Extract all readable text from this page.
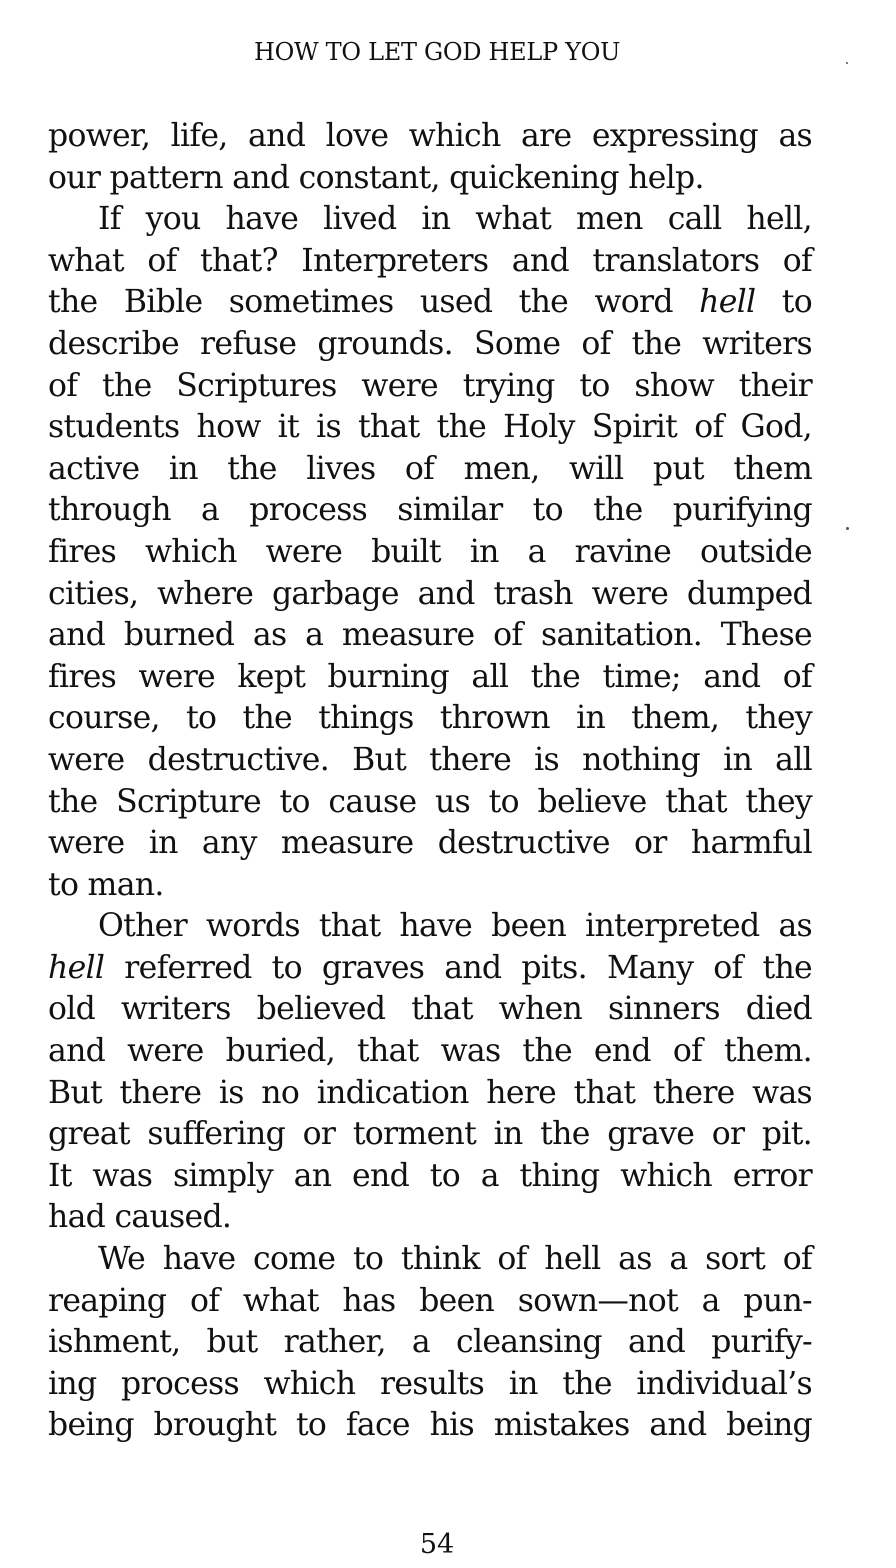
HOW TO LET GOD HELP YOU
power, life, and love which are expressing as
our pattern and constant, quickening help.
If you have lived in what men call hell,
what of that? Interpreters and translators of
the Bible sometimes used the word hell to
describe refuse grounds. Some of the writers
of the Scriptures were trying to show their
students how it is that the Holy Spirit of God,
active in the lives of men, will put them
through a process similar to the purifying
fires which were built in a ravine outside
cities, where garbage and trash were dumped
and burned as a measure of sanitation. These
fires were kept burning all the time; and of
course, to the things thrown in them, they
were destructive. But there is nothing in all
the Scripture to cause us to believe that they
were in any measure destructive or harmful
to man.
Other words that have been interpreted as
hell referred to graves and pits. Many of the
old writers believed that when sinners died
and were buried, that was the end of them.
But there is no indication here that there was
great suffering or torment in the grave or pit.
It was simply an end to a thing which error
had caused.
We have come to think of hell as a sort of
reaping of what has been sown—not a pun-
ishment, but rather, a cleansing and purify-
ing process which results in the individual’s
being brought to face his mistakes and being
54
